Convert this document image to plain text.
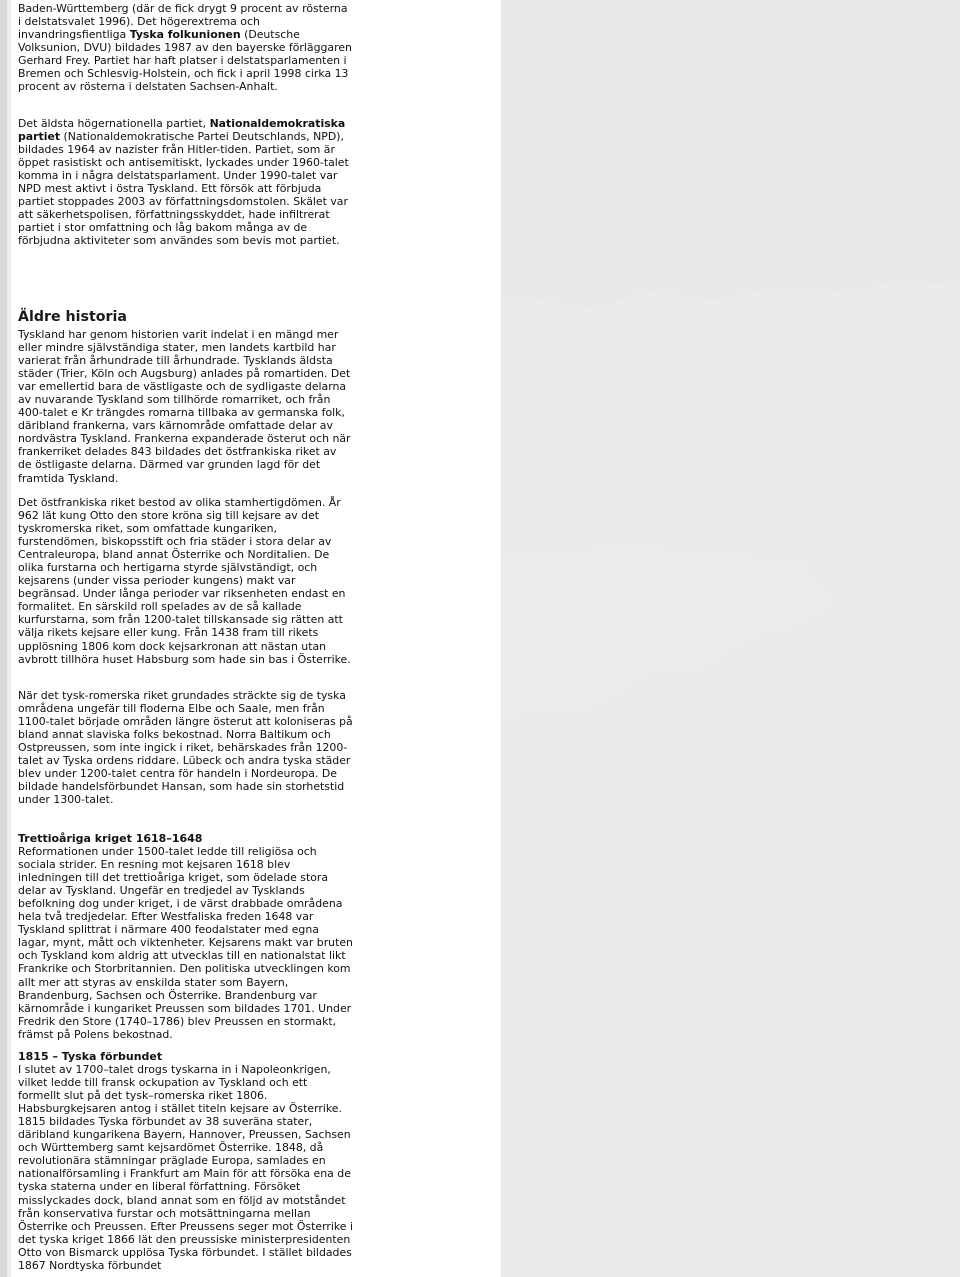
Baden-Württemberg (där de fick drygt 9 procent av rösterna i delstatsvalet 1996). Det högerextrema och invandringsfientliga Tyska folkunionen (Deutsche Volksunion, DVU) bildades 1987 av den bayerske förläggaren Gerhard Frey. Partiet har haft platser i delstatsparlamenten i Bremen och Schlesvig-Holstein, och fick i april 1998 cirka 13 procent av rösterna i delstaten Sachsen-Anhalt.

Det äldsta högernationella partiet, Nationaldemokratiska partiet (Nationaldemokratische Partei Deutschlands, NPD), bildades 1964 av nazister från Hitler-tiden. Partiet, som är öppet rasistiskt och antisemitiskt, lyckades under 1960-talet komma in i några delstatsparlament. Under 1990-talet var NPD mest aktivt i östra Tyskland. Ett försök att förbjuda partiet stoppades 2003 av författningsdomstolen. Skälet var att säkerhetspolisen, författningsskyddet, hade infiltrerat partiet i stor omfattning och låg bakom många av de förbjudna aktiviteter som användes som bevis mot partiet.

Äldre historia

Tyskland har genom historien varit indelat i en mängd mer eller mindre självständiga stater, men landets kartbild har varierat från århundrade till århundrade. Tysklands äldsta städer (Trier, Köln och Augsburg) anlades på romartiden. Det var emellertid bara de västligaste och de sydligaste delarna av nuvarande Tyskland som tillhörde romarriket, och från 400-talet e Kr trängdes romarna tillbaka av germanska folk, däribland frankerna, vars kärnområde omfattade delar av nordvästra Tyskland. Frankerna expanderade österut och när frankerriket delades 843 bildades det östfrankiska riket av de östligaste delarna. Därmed var grunden lagd för det framtida Tyskland.

Det östfrankiska riket bestod av olika stamhertigdömen. År 962 lät kung Otto den store kröna sig till kejsare av det tyskromerska riket, som omfattade kungariken, furstendömen, biskopsstift och fria städer i stora delar av Centraleuropa, bland annat Österrike och Norditalien. De olika furstarna och hertigarna styrde självständigt, och kejsarens (under vissa perioder kungens) makt var begränsad. Under långa perioder var riksenheten endast en formalitet. En särskild roll spelades av de så kallade kurfurstarna, som från 1200-talet tillskansade sig rätten att välja rikets kejsare eller kung. Från 1438 fram till rikets upplösning 1806 kom dock kejsarkronan att nästan utan avbrott tillhöra huset Habsburg som hade sin bas i Österrike.

När det tysk-romerska riket grundades sträckte sig de tyska områdena ungefär till floderna Elbe och Saale, men från 1100-talet började områden längre österut att koloniseras på bland annat slaviska folks bekostnad. Norra Baltikum och Ostpreussen, som inte ingick i riket, behärskades från 1200-talet av Tyska ordens riddare. Lübeck och andra tyska städer blev under 1200-talet centra för handeln i Nordeuropa. De bildade handelsförbundet Hansan, som hade sin storhetstid under 1300-talet.

Trettioåriga kriget 1618–1648

Reformationen under 1500-talet ledde till religiösa och sociala strider. En resning mot kejsaren 1618 blev inledningen till det trettioåriga kriget, som ödelade stora delar av Tyskland. Ungefär en tredjedel av Tysklands befolkning dog under kriget, i de värst drabbade områdena hela två tredjedelar. Efter Westfaliska freden 1648 var Tyskland splittrat i närmare 400 feodalstater med egna lagar, mynt, mått och viktenheter. Kejsarens makt var bruten och Tyskland kom aldrig att utvecklas till en nationalstat likt Frankrike och Storbritannien. Den politiska utvecklingen kom allt mer att styras av enskilda stater som Bayern, Brandenburg, Sachsen och Österrike. Brandenburg var kärnområde i kungariket Preussen som bildades 1701. Under Fredrik den Store (1740–1786) blev Preussen en stormakt, främst på Polens bekostnad.

1815 – Tyska förbundet

I slutet av 1700–talet drogs tyskarna in i Napoleonkrigen, vilket ledde till fransk ockupation av Tyskland och ett formellt slut på det tysk–romerska riket 1806. Habsburgkejsaren antog i stället titeln kejsare av Österrike. 1815 bildades Tyska förbundet av 38 suveräna stater, däribland kungarikena Bayern, Hannover, Preussen, Sachsen och Württemberg samt kejsardömet Österrike. 1848, då revolutionära stämningar präglade Europa, samlades en nationalförsamling i Frankfurt am Main för att försöka ena de tyska staterna under en liberal författning. Försöket misslyckades dock, bland annat som en följd av motståndet från konservativa furstar och motsättningarna mellan Österrike och Preussen. Efter Preussens seger mot Österrike i det tyska kriget 1866 lät den preussiske ministerpresidenten Otto von Bismarck upplösa Tyska förbundet. I stället bildades 1867 Nordtyska förbundet
